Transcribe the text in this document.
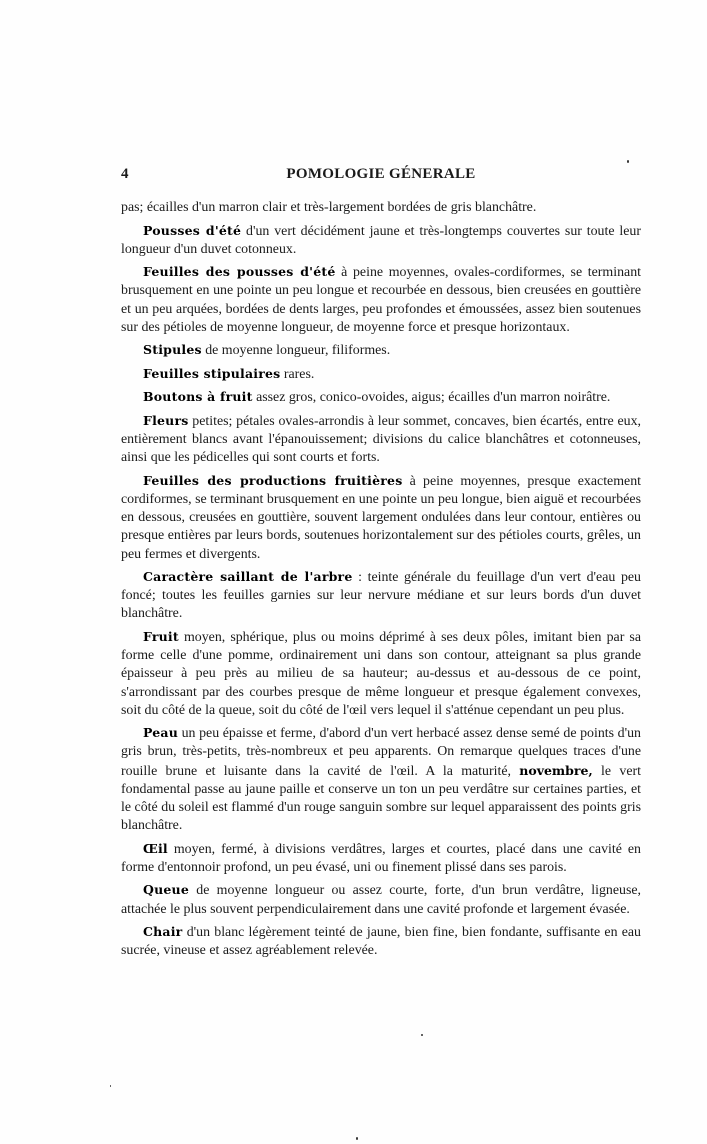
4	POMOLOGIE GÉNERALE

pas; écailles d'un marron clair et très-largement bordées de gris blanchâtre.

Pousses d'été d'un vert décidément jaune et très-longtemps couvertes sur toute leur longueur d'un duvet cotonneux.

Feuilles des pousses d'été à peine moyennes, ovales-cordiformes, se terminant brusquement en une pointe un peu longue et recourbée en dessous, bien creusées en gouttière et un peu arquées, bordées de dents larges, peu profondes et émoussées, assez bien soutenues sur des pétioles de moyenne longueur, de moyenne force et presque horizontaux.

Stipules de moyenne longueur, filiformes.

Feuilles stipulaires rares.

Boutons à fruit assez gros, conico-ovoides, aigus; écailles d'un marron noirâtre.

Fleurs petites; pétales ovales-arrondis à leur sommet, concaves, bien écartés, entre eux, entièrement blancs avant l'épanouissement; divisions du calice blanchâtres et cotonneuses, ainsi que les pédicelles qui sont courts et forts.

Feuilles des productions fruitières à peine moyennes, presque exactement cordiformes, se terminant brusquement en une pointe un peu longue, bien aiguë et recourbées en dessous, creusées en gouttière, souvent largement ondulées dans leur contour, entières ou presque entières par leurs bords, soutenues horizontalement sur des pétioles courts, grêles, un peu fermes et divergents.

Caractère saillant de l'arbre : teinte générale du feuillage d'un vert d'eau peu foncé; toutes les feuilles garnies sur leur nervure médiane et sur leurs bords d'un duvet blanchâtre.

Fruit moyen, sphérique, plus ou moins déprimé à ses deux pôles, imitant bien par sa forme celle d'une pomme, ordinairement uni dans son contour, atteignant sa plus grande épaisseur à peu près au milieu de sa hauteur; au-dessus et au-dessous de ce point, s'arrondissant par des courbes presque de même longueur et presque également convexes, soit du côté de la queue, soit du côté de l'œil vers lequel il s'atténue cependant un peu plus.

Peau un peu épaisse et ferme, d'abord d'un vert herbacé assez dense semé de points d'un gris brun, très-petits, très-nombreux et peu apparents. On remarque quelques traces d'une rouille brune et luisante dans la cavité de l'œil. A la maturité, novembre, le vert fondamental passe au jaune paille et conserve un ton un peu verdâtre sur certaines parties, et le côté du soleil est flammé d'un rouge sanguin sombre sur lequel apparaissent des points gris blanchâtre.

Œil moyen, fermé, à divisions verdâtres, larges et courtes, placé dans une cavité en forme d'entonnoir profond, un peu évasé, uni ou finement plissé dans ses parois.

Queue de moyenne longueur ou assez courte, forte, d'un brun verdâtre, ligneuse, attachée le plus souvent perpendiculairement dans une cavité profonde et largement évasée.

Chair d'un blanc légèrement teinté de jaune, bien fine, bien fondante, suffisante en eau sucrée, vineuse et assez agréablement relevée.
